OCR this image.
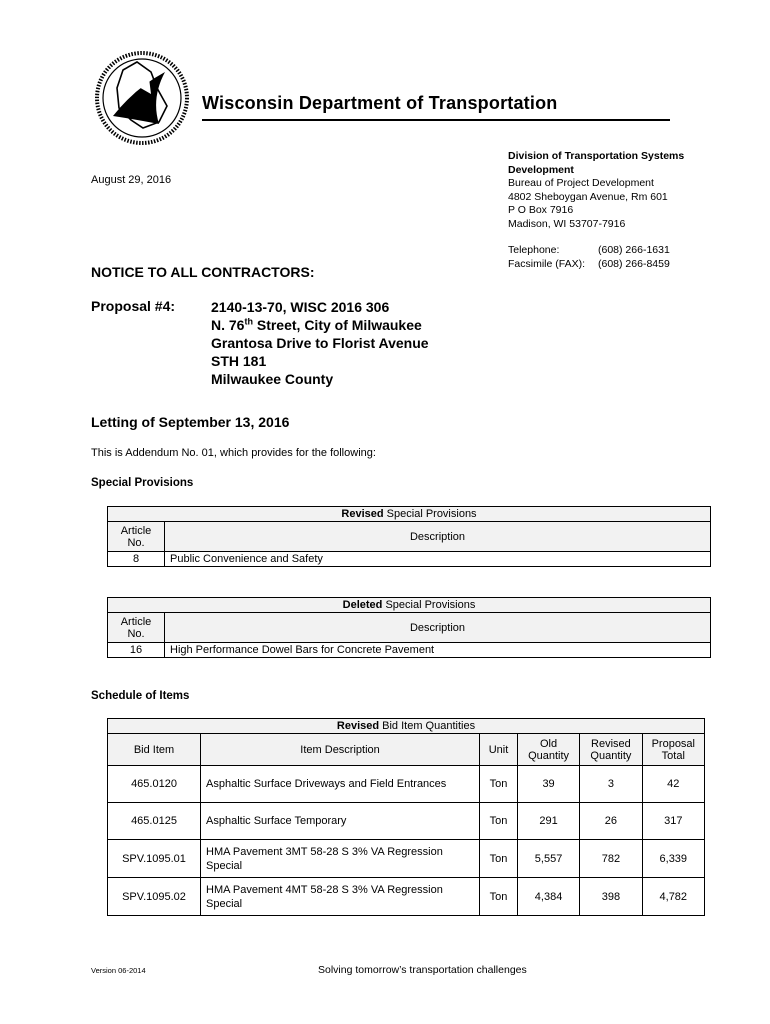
Wisconsin Department of Transportation
August 29, 2016
Division of Transportation Systems
Development
Bureau of Project Development
4802 Sheboygan Avenue, Rm 601
P O Box 7916
Madison, WI 53707-7916
Telephone:	(608) 266-1631
Facsimile (FAX): (608) 266-8459
NOTICE TO ALL CONTRACTORS:
Proposal #4:	2140-13-70, WISC 2016 306
N. 76th Street, City of Milwaukee
Grantosa Drive to Florist Avenue
STH 181
Milwaukee County
Letting of September 13, 2016
This is Addendum No. 01, which provides for the following:
Special Provisions
Revised Special Provisions	
Article No.	Description
8	Public Convenience and Safety
Deleted Special Provisions	
Article No.	Description
16	High Performance Dowel Bars for Concrete Pavement
Schedule of Items
Revised Bid Item Quantities					
Bid Item	Item Description	Unit	Old Quantity	Revised Quantity	Proposal Total
465.0120	Asphaltic Surface Driveways and Field Entrances	Ton	39	3	42
465.0125	Asphaltic Surface Temporary	Ton	291	26	317
SPV.1095.01	HMA Pavement 3MT 58-28 S 3% VA Regression Special	Ton	5,557	782	6,339
SPV.1095.02	HMA Pavement 4MT 58-28 S 3% VA Regression Special	Ton	4,384	398	4,782
Version 06-2014	Solving tomorrow’s transportation challenges
